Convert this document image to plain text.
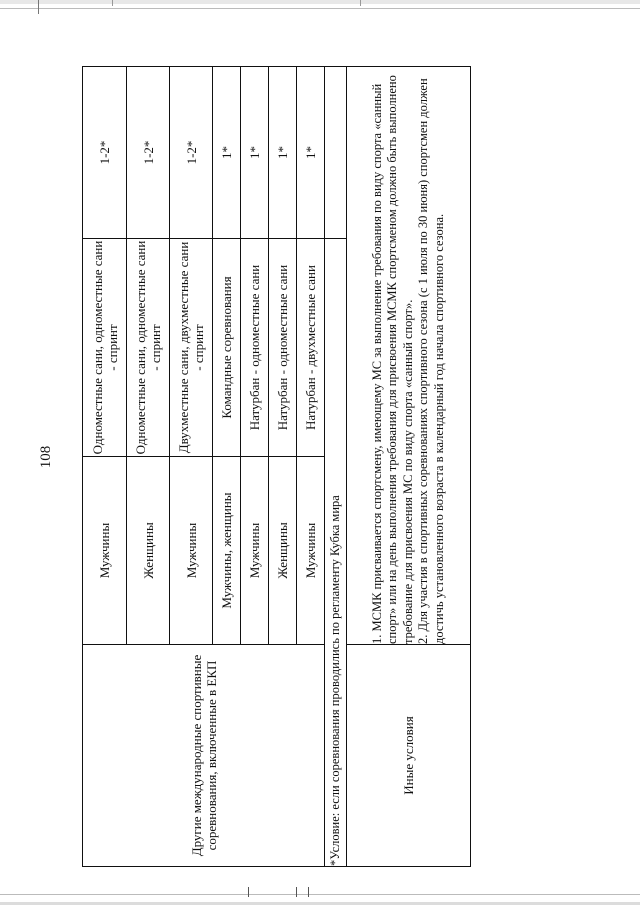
108
Другие международные спортивные соревнования, включенные в ЕКП	Мужчины	Одноместные сани, одноместные сани - спринт	1-2*
	Женщины	Одноместные сани, одноместные сани - спринт	1-2*
	Мужчины	Двухместные сани, двухместные сани - спринт	1-2*
	Мужчины, женщины	Командные соревнования	1*
	Мужчины	Натурбан - одноместные сани	1*
	Женщины	Натурбан - одноместные сани	1*
	Мужчины	Натурбан - двухместные сани	1*
*Условие: если соревнования проводились по регламенту Кубка мира			
Иные условия	1. МСМК присваивается спортсмену, имеющему МС за выполнение требования по виду спорта «санный спорт» или на день выполнения требования для присвоения МСМК спортсменом должно быть выполнено требование для присвоения МС по виду спорта «санный спорт». 2. Для участия в спортивных соревнованиях спортивного сезона (с 1 июля по 30 июня) спортсмен должен достичь установленного возраста в календарный год начала спортивного сезона.		
